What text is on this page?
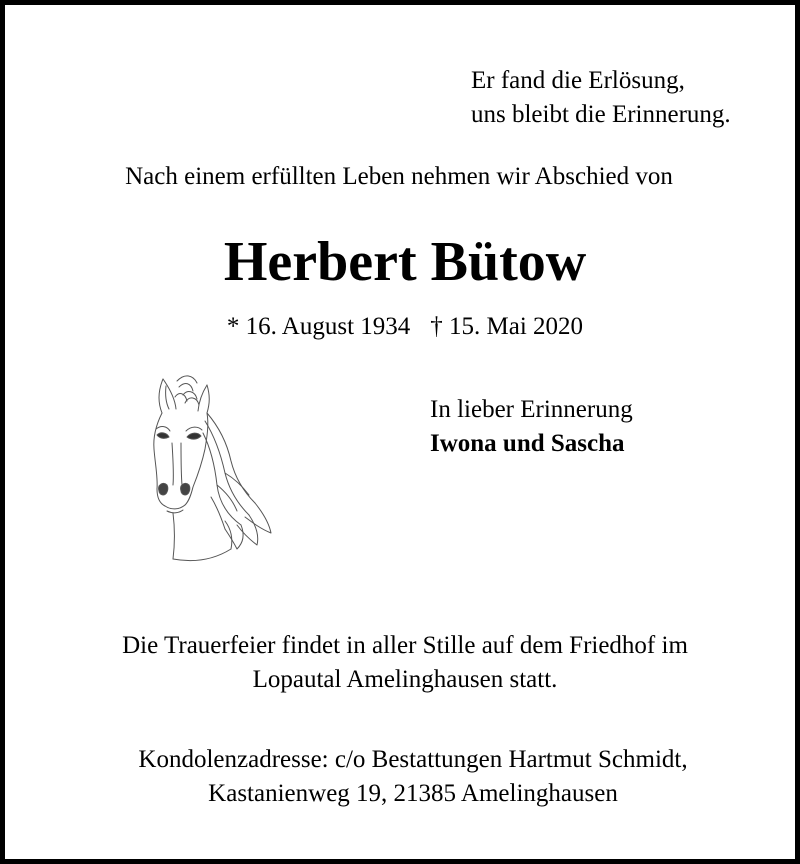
Er fand die Erlösung,
uns bleibt die Erinnerung.
Nach einem erfüllten Leben nehmen wir Abschied von
Herbert Bütow
* 16. August 1934 † 15. Mai 2020
In lieber Erinnerung
Iwona und Sascha
Die Trauerfeier findet in aller Stille auf dem Friedhof im
Lopautal Amelinghausen statt.
Kondolenzadresse: c/o Bestattungen Hartmut Schmidt,
Kastanienweg 19, 21385 Amelinghausen
